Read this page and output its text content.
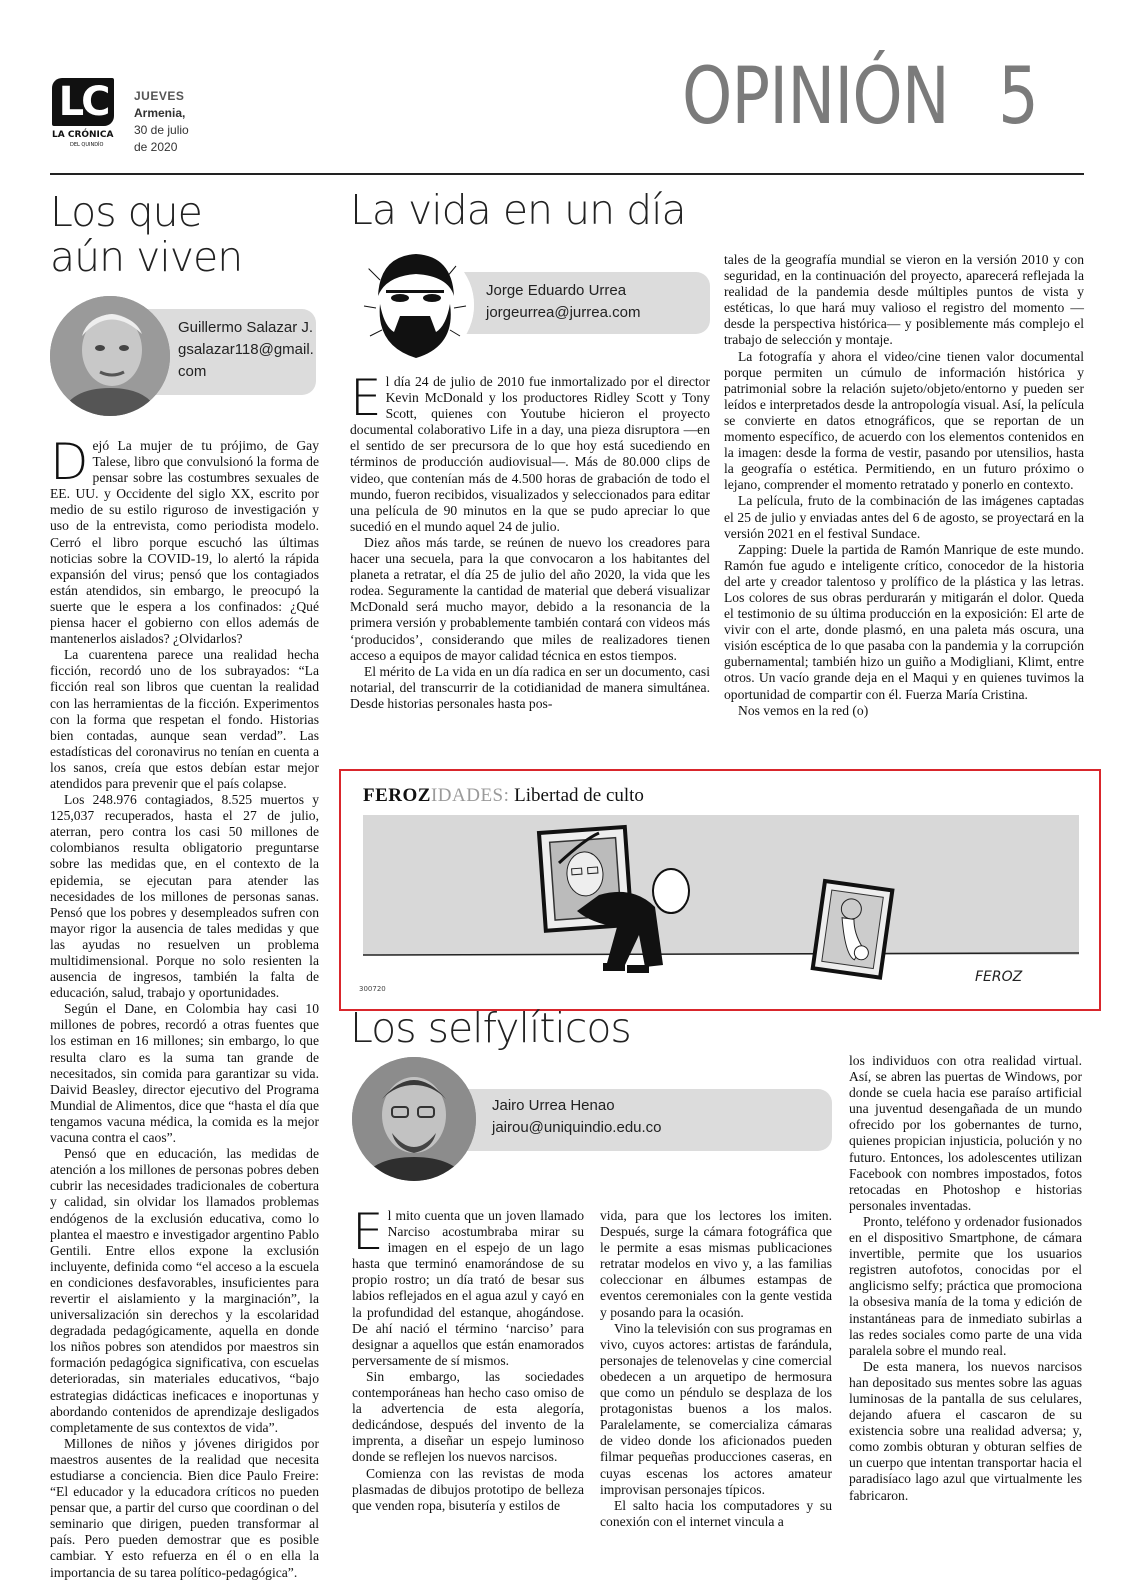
LC
LA CRÓNICA
DEL QUINDÍO
JUEVES
Armenia,
30 de julio
de 2020
OPINIÓN 5
Los que
aún viven
Guillermo Salazar J.
gsalazar118@gmail.
com

Dejó La mujer de tu prójimo, de Gay Talese, libro que convulsionó la forma de pensar sobre las costumbres sexuales de EE. UU. y Occidente del siglo XX, escrito por medio de su estilo riguroso de investigación y uso de la entrevista, como periodista modelo. Cerró el libro porque escuchó las últimas noticias sobre la COVID-19, lo alertó la rápida expansión del virus; pensó que los contagiados están atendidos, sin embargo, le preocupó la suerte que le espera a los confinados: ¿Qué piensa hacer el gobierno con ellos además de mantenerlos aislados? ¿Olvidarlos?

La cuarentena parece una realidad hecha ficción, recordó uno de los subrayados: “La ficción real son libros que cuentan la realidad con las herramientas de la ficción. Experimentos con la forma que respetan el fondo. Historias bien contadas, aunque sean verdad”. Las estadísticas del coronavirus no tenían en cuenta a los sanos, creía que estos debían estar mejor atendidos para prevenir que el país colapse.

Los 248.976 contagiados, 8.525 muertos y 125,037 recuperados, hasta el 27 de julio, aterran, pero contra los casi 50 millones de colombianos resulta obligatorio preguntarse sobre las medidas que, en el contexto de la epidemia, se ejecutan para atender las necesidades de los millones de personas sanas. Pensó que los pobres y desempleados sufren con mayor rigor la ausencia de tales medidas y que las ayudas no resuelven un problema multidimensional. Porque no solo resienten la ausencia de ingresos, también la falta de educación, salud, trabajo y oportunidades.

Según el Dane, en Colombia hay casi 10 millones de pobres, recordó a otras fuentes que los estiman en 16 millones; sin embargo, lo que resulta claro es la suma tan grande de necesitados, sin comida para garantizar su vida. Daivid Beasley, director ejecutivo del Programa Mundial de Alimentos, dice que “hasta el día que tengamos vacuna médica, la comida es la mejor vacuna contra el caos”.

Pensó que en educación, las medidas de atención a los millones de personas pobres deben cubrir las necesidades tradicionales de cobertura y calidad, sin olvidar los llamados problemas endógenos de la exclusión educativa, como lo plantea el maestro e investigador argentino Pablo Gentili. Entre ellos expone la exclusión incluyente, definida como “el acceso a la escuela en condiciones desfavorables, insuficientes para revertir el aislamiento y la marginación”, la universalización sin derechos y la escolaridad degradada pedagógicamente, aquella en donde los niños pobres son atendidos por maestros sin formación pedagógica significativa, con escuelas deterioradas, sin materiales educativos, “bajo estrategias didácticas ineficaces e inoportunas y abordando contenidos de aprendizaje desligados completamente de sus contextos de vida”.

Millones de niños y jóvenes dirigidos por maestros ausentes de la realidad que necesita estudiarse a conciencia. Bien dice Paulo Freire: “El educador y la educadora críticos no pueden pensar que, a partir del curso que coordinan o del seminario que dirigen, pueden transformar al país. Pero pueden demostrar que es posible cambiar. Y esto refuerza en él o en ella la importancia de su tarea político-pedagógica”.

La vida en un día
Jorge Eduardo Urrea
jorgeurrea@jurrea.com

El día 24 de julio de 2010 fue inmortalizado por el director Kevin McDonald y los productores Ridley Scott y Tony Scott, quienes con Youtube hicieron el proyecto documental colaborativo Life in a day, una pieza disruptora —en el sentido de ser precursora de lo que hoy está sucediendo en términos de producción audiovisual—. Más de 80.000 clips de video, que contenían más de 4.500 horas de grabación de todo el mundo, fueron recibidos, visualizados y seleccionados para editar una película de 90 minutos en la que se pudo apreciar lo que sucedió en el mundo aquel 24 de julio.

Diez años más tarde, se reúnen de nuevo los creadores para hacer una secuela, para la que convocaron a los habitantes del planeta a retratar, el día 25 de julio del año 2020, la vida que les rodea. Seguramente la cantidad de material que deberá visualizar McDonald será mucho mayor, debido a la resonancia de la primera versión y probablemente también contará con videos más ‘producidos’, considerando que miles de realizadores tienen acceso a equipos de mayor calidad técnica en estos tiempos.

El mérito de La vida en un día radica en ser un documento, casi notarial, del transcurrir de la cotidianidad de manera simultánea. Desde historias personales hasta pos-

tales de la geografía mundial se vieron en la versión 2010 y con seguridad, en la continuación del proyecto, aparecerá reflejada la realidad de la pandemia desde múltiples puntos de vista y estéticas, lo que hará muy valioso el registro del momento —desde la perspectiva histórica— y posiblemente más complejo el trabajo de selección y montaje.

La fotografía y ahora el video/cine tienen valor documental porque permiten un cúmulo de información histórica y patrimonial sobre la relación sujeto/objeto/entorno y pueden ser leídos e interpretados desde la antropología visual. Así, la película se convierte en datos etnográficos, que se reportan de un momento específico, de acuerdo con los elementos contenidos en la imagen: desde la forma de vestir, pasando por utensilios, hasta la geografía o estética. Permitiendo, en un futuro próximo o lejano, comprender el momento retratado y ponerlo en contexto.

La película, fruto de la combinación de las imágenes captadas el 25 de julio y enviadas antes del 6 de agosto, se proyectará en la versión 2021 en el festival Sundace.

Zapping: Duele la partida de Ramón Manrique de este mundo. Ramón fue agudo e inteligente crítico, conocedor de la historia del arte y creador talentoso y prolífico de la plástica y las letras. Los colores de sus obras perdurarán y mitigarán el dolor. Queda el testimonio de su última producción en la exposición: El arte de vivir con el arte, donde plasmó, en una paleta más oscura, una visión escéptica de lo que pasaba con la pandemia y la corrupción gubernamental; también hizo un guiño a Modigliani, Klimt, entre otros. Un vacío grande deja en el Maqui y en quienes tuvimos la oportunidad de compartir con él. Fuerza María Cristina.

Nos vemos en la red (o)

FEROZIDADES: Libertad de culto
FEROZ
300720
Los selfylíticos
Jairo Urrea Henao
jairou@uniquindio.edu.co

El mito cuenta que un joven llamado Narciso acostumbraba mirar su imagen en el espejo de un lago hasta que terminó enamorándose de su propio rostro; un día trató de besar sus labios reflejados en el agua azul y cayó en la profundidad del estanque, ahogándose. De ahí nació el término ‘narciso’ para designar a aquellos que están enamorados perversamente de sí mismos.

Sin embargo, las sociedades contemporáneas han hecho caso omiso de la advertencia de esta alegoría, dedicándose, después del invento de la imprenta, a diseñar un espejo luminoso donde se reflejen los nuevos narcisos.

Comienza con las revistas de moda plasmadas de dibujos prototipo de belleza que venden ropa, bisutería y estilos de

vida, para que los lectores los imiten. Después, surge la cámara fotográfica que le permite a esas mismas publicaciones retratar modelos en vivo y, a las familias coleccionar en álbumes estampas de eventos ceremoniales con la gente vestida y posando para la ocasión.

Vino la televisión con sus programas en vivo, cuyos actores: artistas de farándula, personajes de telenovelas y cine comercial obedecen a un arquetipo de hermosura que como un péndulo se desplaza de los protagonistas buenos a los malos. Paralelamente, se comercializa cámaras de video donde los aficionados pueden filmar pequeñas producciones caseras, en cuyas escenas los actores amateur improvisan personajes típicos.

El salto hacia los computadores y su conexión con el internet vincula a

los individuos con otra realidad virtual. Así, se abren las puertas de Windows, por donde se cuela hacia ese paraíso artificial una juventud desengañada de un mundo ofrecido por los gobernantes de turno, quienes propician injusticia, polución y no futuro. Entonces, los adolescentes utilizan Facebook con nombres impostados, fotos retocadas en Photoshop e historias personales inventadas.

Pronto, teléfono y ordenador fusionados en el dispositivo Smartphone, de cámara invertible, permite que los usuarios registren autofotos, conocidas por el anglicismo selfy; práctica que promociona la obsesiva manía de la toma y edición de instantáneas para de inmediato subirlas a las redes sociales como parte de una vida paralela sobre el mundo real.

De esta manera, los nuevos narcisos han depositado sus mentes sobre las aguas luminosas de la pantalla de sus celulares, dejando afuera el cascaron de su existencia sobre una realidad adversa; y, como zombis obturan y obturan selfies de un cuerpo que intentan transportar hacia el paradisíaco lago azul que virtualmente les fabricaron.
